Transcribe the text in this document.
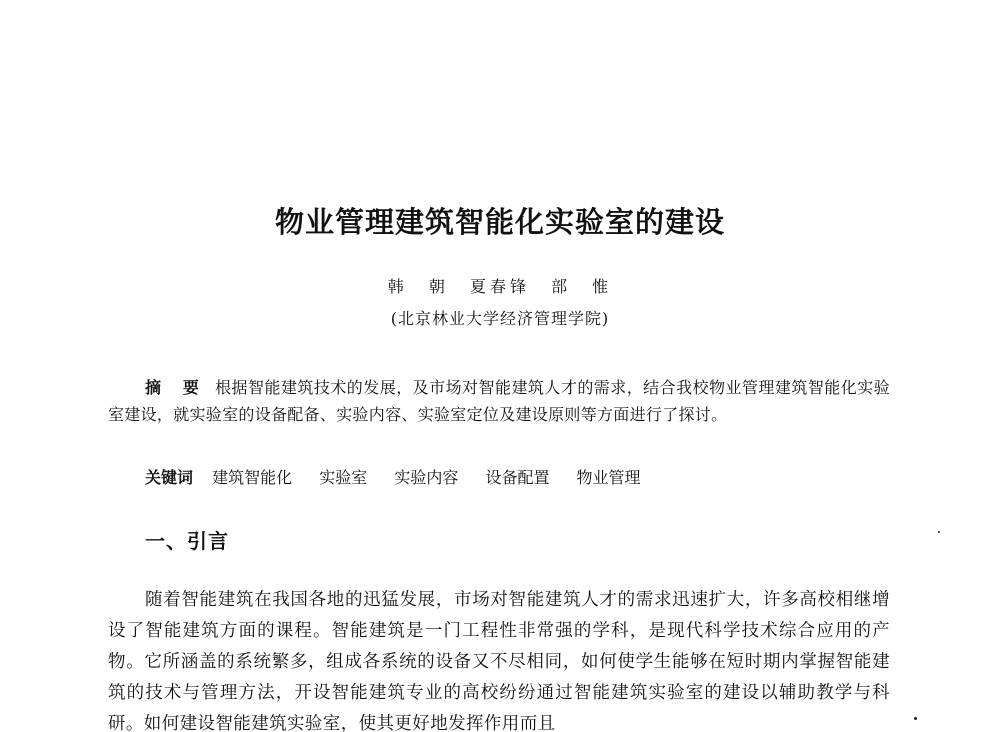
物业管理建筑智能化实验室的建设
韩 朝 夏春锋 部 惟
(北京林业大学经济管理学院)
摘 要 根据智能建筑技术的发展，及市场对智能建筑人才的需求，结合我校物业管理建筑智能化实验室建设，就实验室的设备配备、实验内容、实验室定位及建设原则等方面进行了探讨。
关键词 建筑智能化 实验室 实验内容 设备配置 物业管理
一、引言
随着智能建筑在我国各地的迅猛发展，市场对智能建筑人才的需求迅速扩大，许多高校相继增设了智能建筑方面的课程。智能建筑是一门工程性非常强的学科，是现代科学技术综合应用的产物。它所涵盖的系统繁多，组成各系统的设备又不尽相同，如何使学生能够在短时期内掌握智能建筑的技术与管理方法，开设智能建筑专业的高校纷纷通过智能建筑实验室的建设以辅助教学与科研。如何建设智能建筑实验室，使其更好地发挥作用而且
